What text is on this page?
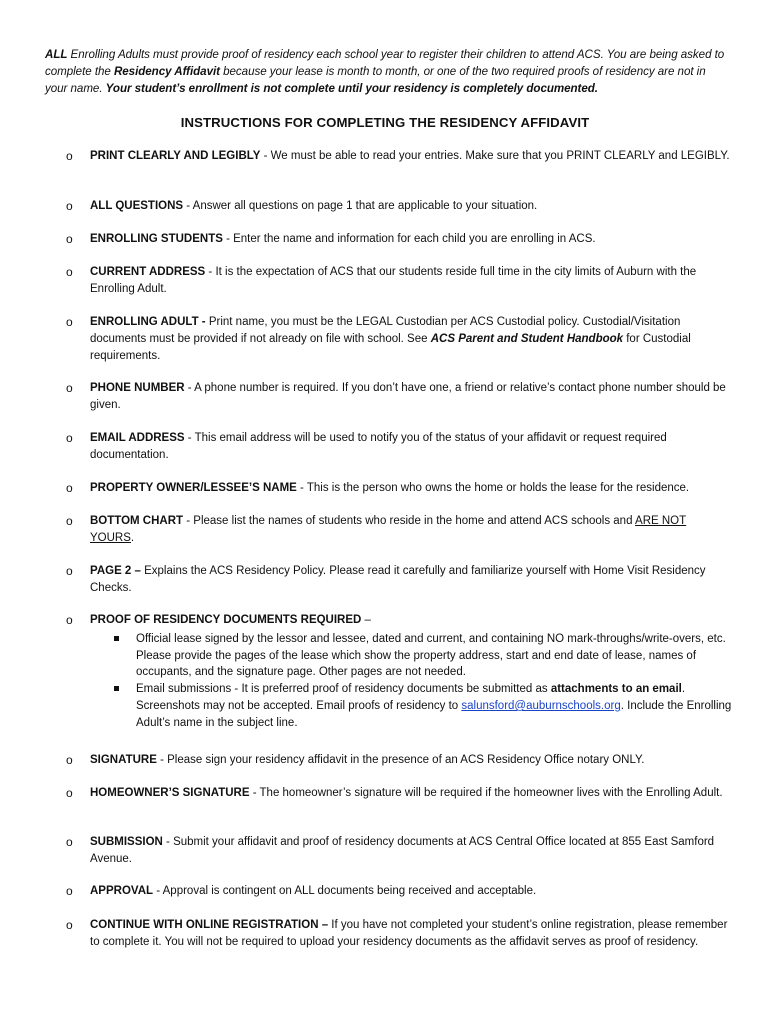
ALL Enrolling Adults must provide proof of residency each school year to register their children to attend ACS. You are being asked to complete the Residency Affidavit because your lease is month to month, or one of the two required proofs of residency are not in your name. Your student’s enrollment is not complete until your residency is completely documented.
INSTRUCTIONS FOR COMPLETING THE RESIDENCY AFFIDAVIT
o PRINT CLEARLY AND LEGIBLY - We must be able to read your entries. Make sure that you PRINT CLEARLY and LEGIBLY.
o ALL QUESTIONS - Answer all questions on page 1 that are applicable to your situation.
o ENROLLING STUDENTS - Enter the name and information for each child you are enrolling in ACS.
o CURRENT ADDRESS - It is the expectation of ACS that our students reside full time in the city limits of Auburn with the Enrolling Adult.
o ENROLLING ADULT - Print name, you must be the LEGAL Custodian per ACS Custodial policy. Custodial/Visitation documents must be provided if not already on file with school. See ACS Parent and Student Handbook for Custodial requirements.
o PHONE NUMBER - A phone number is required. If you don’t have one, a friend or relative’s contact phone number should be given.
o EMAIL ADDRESS - This email address will be used to notify you of the status of your affidavit or request required documentation.
o PROPERTY OWNER/LESSEE’S NAME - This is the person who owns the home or holds the lease for the residence.
o BOTTOM CHART - Please list the names of students who reside in the home and attend ACS schools and ARE NOT YOURS.
o PAGE 2 – Explains the ACS Residency Policy. Please read it carefully and familiarize yourself with Home Visit Residency Checks.
o PROOF OF RESIDENCY DOCUMENTS REQUIRED –
Official lease signed by the lessor and lessee, dated and current, and containing NO mark-throughs/write-overs, etc. Please provide the pages of the lease which show the property address, start and end date of lease, names of occupants, and the signature page. Other pages are not needed.
Email submissions - It is preferred proof of residency documents be submitted as attachments to an email. Screenshots may not be accepted. Email proofs of residency to salunsford@auburnschools.org. Include the Enrolling Adult’s name in the subject line.
o SIGNATURE - Please sign your residency affidavit in the presence of an ACS Residency Office notary ONLY.
o HOMEOWNER’S SIGNATURE - The homeowner’s signature will be required if the homeowner lives with the Enrolling Adult.
o SUBMISSION - Submit your affidavit and proof of residency documents at ACS Central Office located at 855 East Samford Avenue.
o APPROVAL - Approval is contingent on ALL documents being received and acceptable.
o CONTINUE WITH ONLINE REGISTRATION – If you have not completed your student’s online registration, please remember to complete it. You will not be required to upload your residency documents as the affidavit serves as proof of residency.
